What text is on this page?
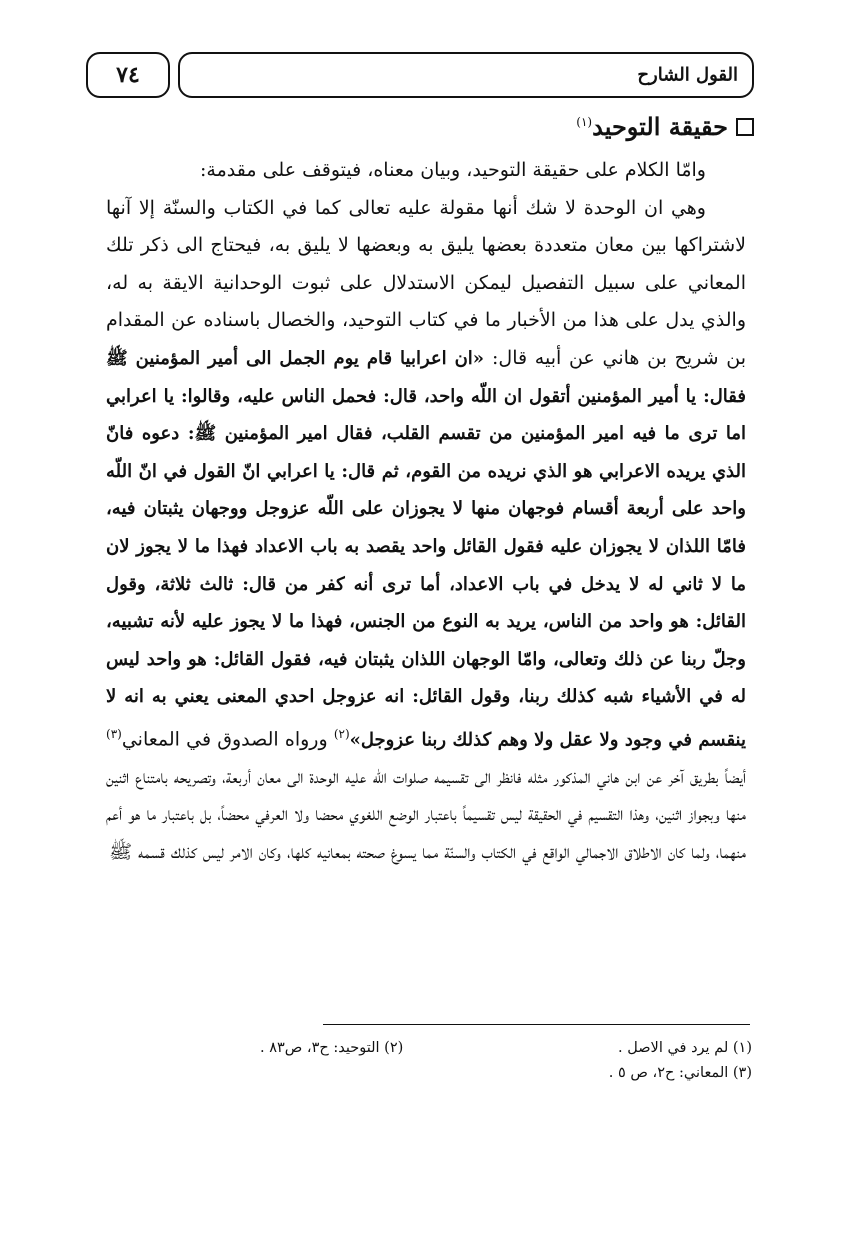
٧٤	القول الشارح
حقيقة التوحيد$^{(١)}$

وامّا الكلام على حقيقة التوحيد، وبيان معناه، فيتوقف على مقدمة:

وهي ان الوحدة لا شك أنها مقولة عليه تعالى كما في الكتاب والسنّة إلا آنها لاشتراكها بين معان متعددة بعضها يليق به وبعضها لا يليق به، فيحتاج الى ذكر تلك المعاني على سبيل التفصيل ليمكن الاستدلال على ثبوت الوحدانية الايقة به له، والذي يدل على هذا من الأخبار ما في كتاب التوحيد، والخصال باسناده عن المقدام بن شريح بن هاني عن أبيه قال: «ان اعرابيا قام يوم الجمل الى أمير المؤمنين ﷺ فقال: يا أمير المؤمنين أتقول ان اللّه واحد، قال: فحمل الناس عليه، وقالوا: يا اعرابي اما ترى ما فيه امير المؤمنين من تقسم القلب، فقال امير المؤمنين ﷺ: دعوه فانّ الذي يريده الاعرابي هو الذي نريده من القوم، ثم قال: يا اعرابي انّ القول في انّ اللّه واحد على أربعة أقسام فوجهان منها لا يجوزان على اللّه عزوجل ووجهان يثبتان فيه، فامّا اللذان لا يجوزان عليه فقول القائل واحد يقصد به باب الاعداد فهذا ما لا يجوز لان ما لا ثاني له لا يدخل في باب الاعداد، أما ترى أنه كفر من قال: ثالث ثلاثة، وقول القائل: هو واحد من الناس، يريد به النوع من الجنس، فهذا ما لا يجوز عليه لأنه تشبيه، وجلّ ربنا عن ذلك وتعالى، وامّا الوجهان اللذان يثبتان فيه، فقول القائل: هو واحد ليس له في الأشياء شبه كذلك ربنا، وقول القائل: انه عزوجل احدي المعنى يعني به انه لا ينقسم في وجود ولا عقل ولا وهم كذلك ربنا عزوجل»$^{(٢)}$ ورواه الصدوق في المعاني$^{(٣)}$ أيضاً بطريق آخر عن ابن هاني المذكور مثله فانظر الى تقسيمه صلوات اللّه عليه الوحدة الى معان أربعة، وتصريحه بامتناع اثنين منها وبجواز اثنين، وهذا التقسيم في الحقيقة ليس تقسيماً باعتبار الوضع اللغوي محضا ولا العرفي محضاً، بل باعتبار ما هو أعم منهما، ولما كان الاطلاق الاجمالي الواقع في الكتاب والسنّة مما يسوغ صحته بمعانيه كلها، وكان الامر ليس كذلك قسمه ﷺ

(١) لم يرد في الاصل .
(٢) التوحيد: ح٣، ص٨٣ .
(٣) المعاني: ح٢، ص ٥ .
